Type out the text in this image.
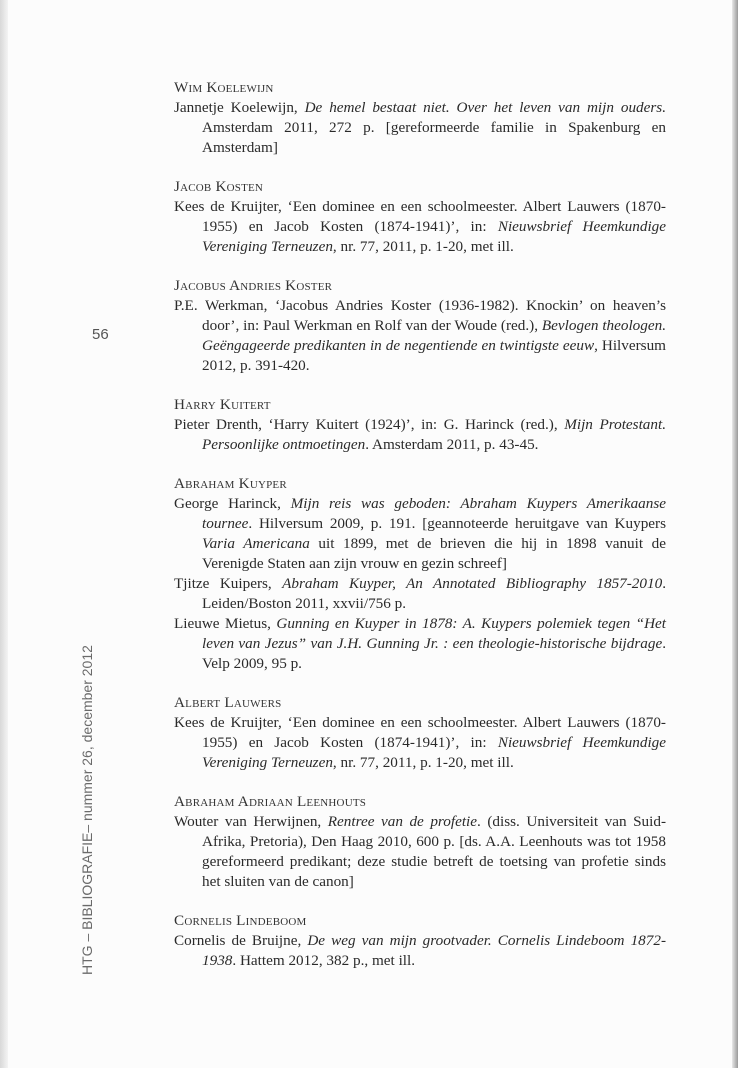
56
HTG – BIBLIOGRAFIE– nummer 26, december 2012
Wim Koelewijn
Jannetje Koelewijn, De hemel bestaat niet. Over het leven van mijn ouders. Amsterdam 2011, 272 p. [gereformeerde familie in Spakenburg en Amsterdam]
Jacob Kosten
Kees de Kruijter, ‘Een dominee en een schoolmeester. Albert Lauwers (1870-1955) en Jacob Kosten (1874-1941)’, in: Nieuwsbrief Heemkundige Vereniging Terneuzen, nr. 77, 2011, p. 1-20, met ill.
Jacobus Andries Koster
P.E. Werkman, ‘Jacobus Andries Koster (1936-1982). Knockin’ on heaven’s door’, in: Paul Werkman en Rolf van der Woude (red.), Bevlogen theologen. Geëngageerde predikanten in de negentiende en twintigste eeuw, Hilversum 2012, p. 391-420.
Harry Kuitert
Pieter Drenth, ‘Harry Kuitert (1924)’, in: G. Harinck (red.), Mijn Protestant. Persoonlijke ontmoetingen. Amsterdam 2011, p. 43-45.
Abraham Kuyper
George Harinck, Mijn reis was geboden: Abraham Kuypers Amerikaanse tournee. Hilversum 2009, p. 191. [geannoteerde heruitgave van Kuypers Varia Americana uit 1899, met de brieven die hij in 1898 vanuit de Verenigde Staten aan zijn vrouw en gezin schreef]
Tjitze Kuipers, Abraham Kuyper, An Annotated Bibliography 1857-2010. Leiden/Boston 2011, xxvii/756 p.
Lieuwe Mietus, Gunning en Kuyper in 1878: A. Kuypers polemiek tegen “Het leven van Jezus” van J.H. Gunning Jr. : een theologie-historische bijdrage. Velp 2009, 95 p.
Albert Lauwers
Kees de Kruijter, ‘Een dominee en een schoolmeester. Albert Lauwers (1870-1955) en Jacob Kosten (1874-1941)’, in: Nieuwsbrief Heemkundige Vereniging Terneuzen, nr. 77, 2011, p. 1-20, met ill.
Abraham Adriaan Leenhouts
Wouter van Herwijnen, Rentree van de profetie. (diss. Universiteit van Suid-Afrika, Pretoria), Den Haag 2010, 600 p. [ds. A.A. Leenhouts was tot 1958 gereformeerd predikant; deze studie betreft de toetsing van profetie sinds het sluiten van de canon]
Cornelis Lindeboom
Cornelis de Bruijne, De weg van mijn grootvader. Cornelis Lindeboom 1872-1938. Hattem 2012, 382 p., met ill.
